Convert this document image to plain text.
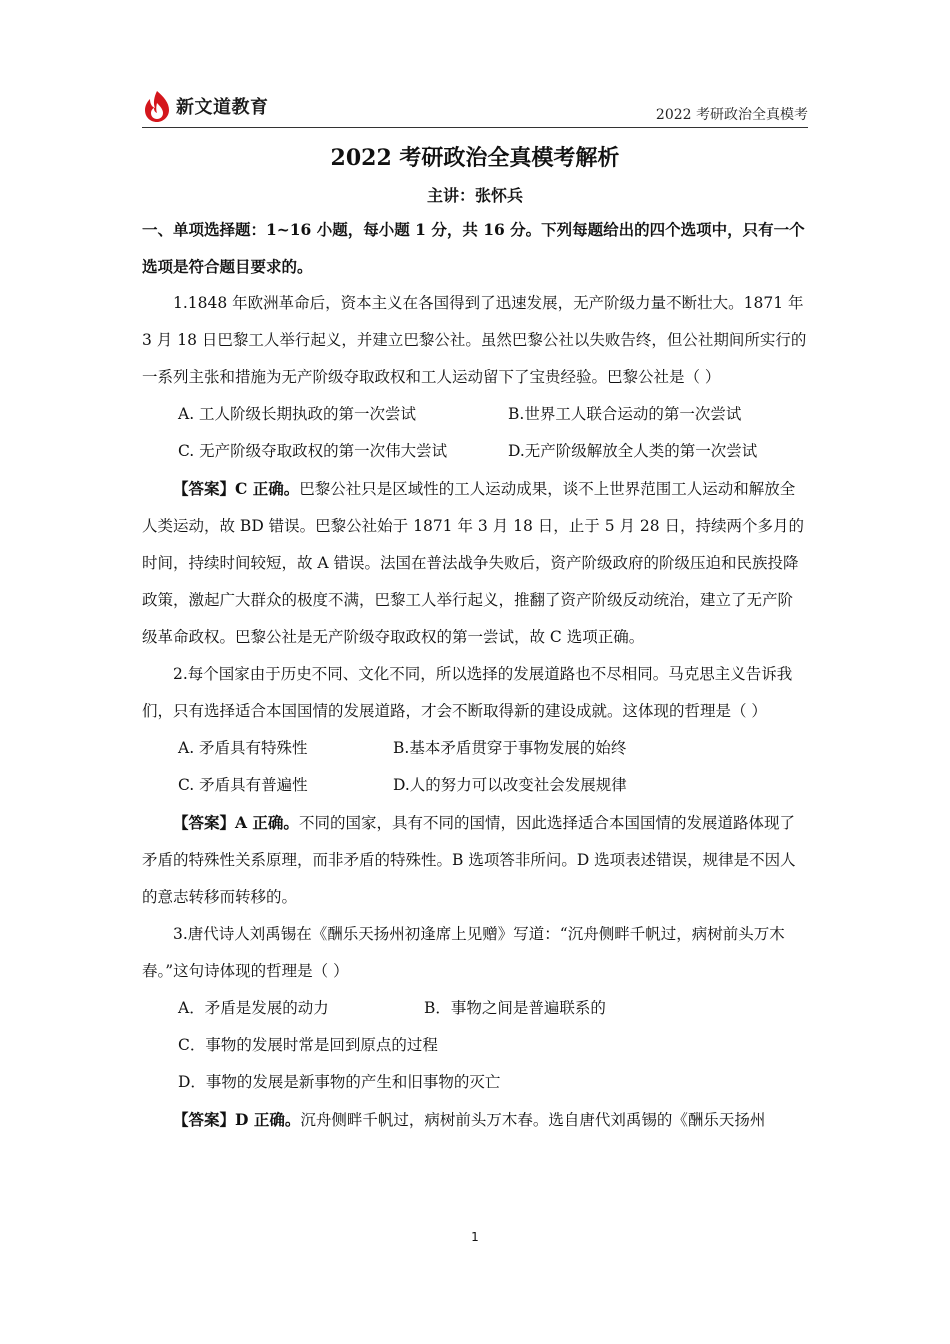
新文道教育	2022 考研政治全真模考
2022 考研政治全真模考解析
主讲：张怀兵

一、单项选择题：1~16 小题，每小题 1 分，共 16 分。下列每题给出的四个选项中，只有一个选项是符合题目要求的。

1.1848 年欧洲革命后，资本主义在各国得到了迅速发展，无产阶级力量不断壮大。1871 年 3 月 18 日巴黎工人举行起义，并建立巴黎公社。虽然巴黎公社以失败告终，但公社期间所实行的一系列主张和措施为无产阶级夺取政权和工人运动留下了宝贵经验。巴黎公社是（ ）

A. 工人阶级长期执政的第一次尝试	B.世界工人联合运动的第一次尝试
C. 无产阶级夺取政权的第一次伟大尝试	D.无产阶级解放全人类的第一次尝试

【答案】C 正确。巴黎公社只是区域性的工人运动成果，谈不上世界范围工人运动和解放全人类运动，故 BD 错误。巴黎公社始于 1871 年 3 月 18 日，止于 5 月 28 日，持续两个多月的时间，持续时间较短，故 A 错误。法国在普法战争失败后，资产阶级政府的阶级压迫和民族投降政策，激起广大群众的极度不满，巴黎工人举行起义，推翻了资产阶级反动统治，建立了无产阶级革命政权。巴黎公社是无产阶级夺取政权的第一尝试，故 C 选项正确。

2.每个国家由于历史不同、文化不同，所以选择的发展道路也不尽相同。马克思主义告诉我们，只有选择适合本国国情的发展道路，才会不断取得新的建设成就。这体现的哲理是（ ）

A. 矛盾具有特殊性	B.基本矛盾贯穿于事物发展的始终
C. 矛盾具有普遍性	D.人的努力可以改变社会发展规律

【答案】A 正确。不同的国家，具有不同的国情，因此选择适合本国国情的发展道路体现了矛盾的特殊性关系原理，而非矛盾的特殊性。B 选项答非所问。D 选项表述错误，规律是不因人的意志转移而转移的。

3.唐代诗人刘禹锡在《酬乐天扬州初逢席上见赠》写道：“沉舟侧畔千帆过，病树前头万木春。”这句诗体现的哲理是（ ）

A．矛盾是发展的动力	B．事物之间是普遍联系的
C．事物的发展时常是回到原点的过程
D．事物的发展是新事物的产生和旧事物的灭亡

【答案】D 正确。沉舟侧畔千帆过，病树前头万木春。选自唐代刘禹锡的《酬乐天扬州

1
